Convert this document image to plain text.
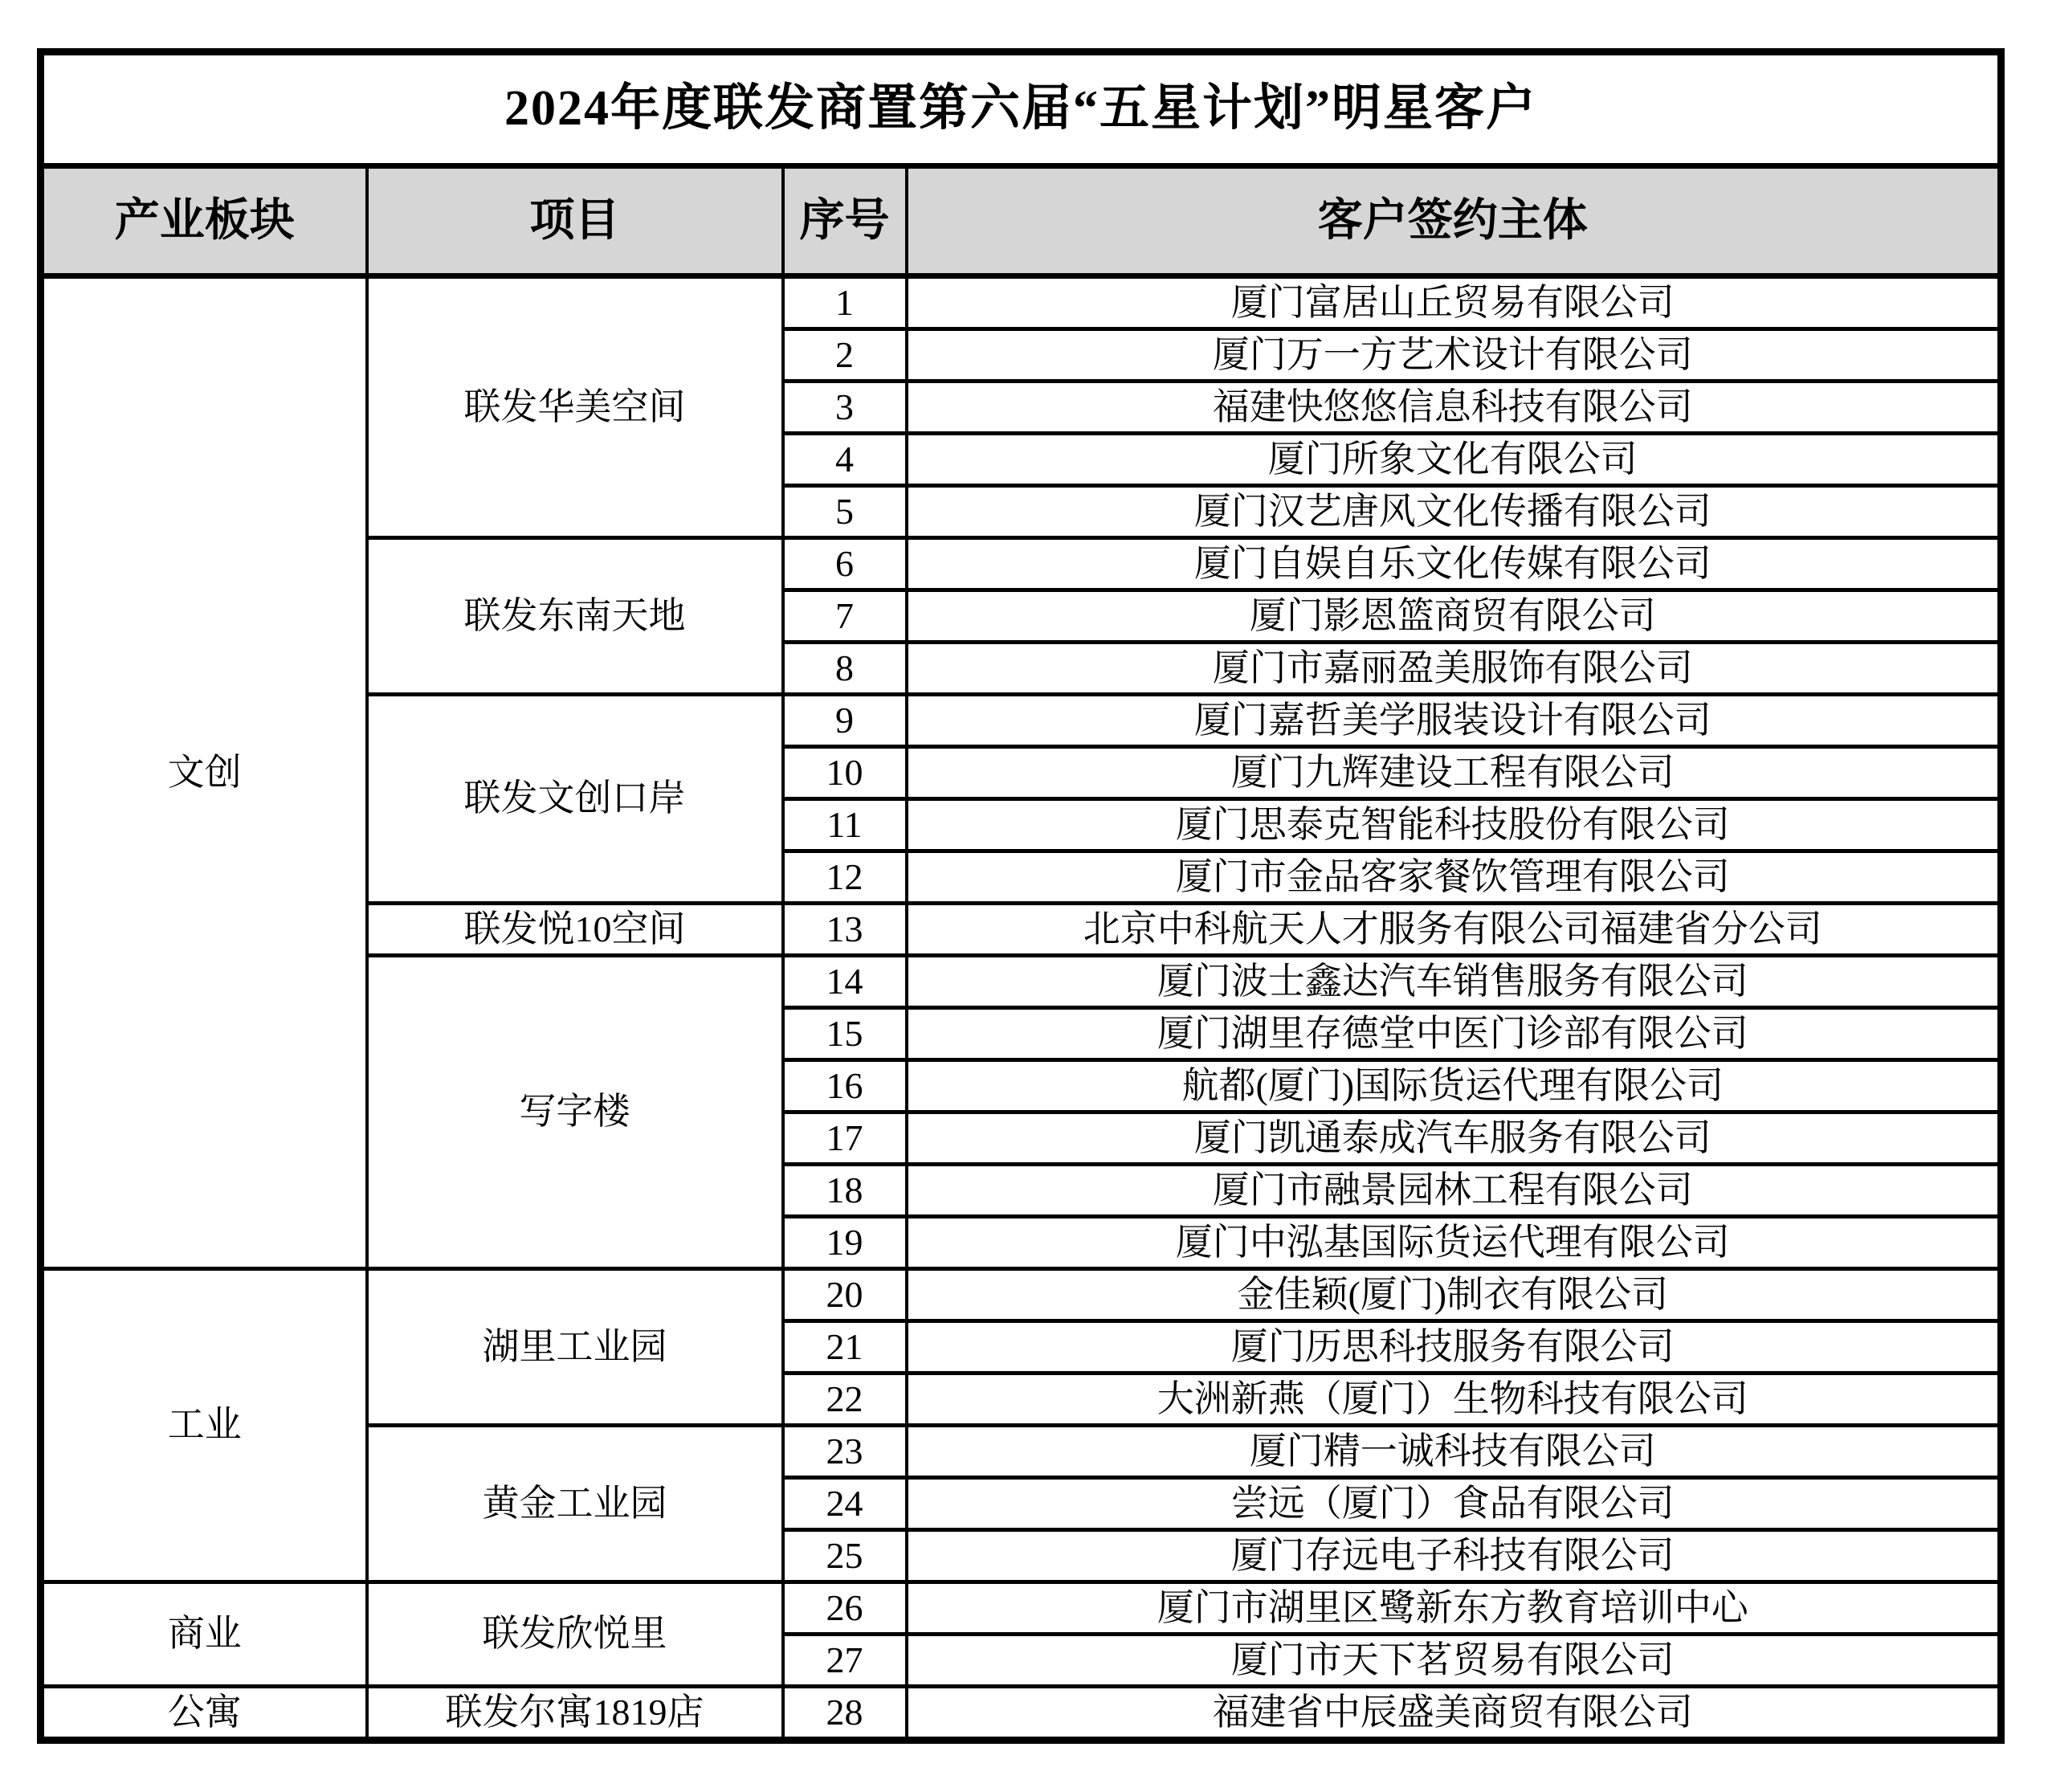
2024年度联发商置第六届“五星计划”明星客户			
产业板块	项目	序号	客户签约主体
文创	联发华美空间	1	厦门富居山丘贸易有限公司
		2	厦门万一方艺术设计有限公司
		3	福建快悠悠信息科技有限公司
		4	厦门所象文化有限公司
		5	厦门汉艺唐风文化传播有限公司
	联发东南天地	6	厦门自娱自乐文化传媒有限公司
		7	厦门影恩篮商贸有限公司
		8	厦门市嘉丽盈美服饰有限公司
	联发文创口岸	9	厦门嘉哲美学服装设计有限公司
		10	厦门九辉建设工程有限公司
		11	厦门思泰克智能科技股份有限公司
		12	厦门市金品客家餐饮管理有限公司
	联发悦10空间	13	北京中科航天人才服务有限公司福建省分公司
	写字楼	14	厦门波士鑫达汽车销售服务有限公司
		15	厦门湖里存德堂中医门诊部有限公司
		16	航都(厦门)国际货运代理有限公司
		17	厦门凯通泰成汽车服务有限公司
		18	厦门市融景园林工程有限公司
		19	厦门中泓基国际货运代理有限公司
工业	湖里工业园	20	金佳颖(厦门)制衣有限公司
		21	厦门历思科技服务有限公司
		22	大洲新燕（厦门）生物科技有限公司
	黄金工业园	23	厦门精一诚科技有限公司
		24	尝远（厦门）食品有限公司
		25	厦门存远电子科技有限公司
商业	联发欣悦里	26	厦门市湖里区鹭新东方教育培训中心
		27	厦门市天下茗贸易有限公司
公寓	联发尔寓1819店	28	福建省中辰盛美商贸有限公司
